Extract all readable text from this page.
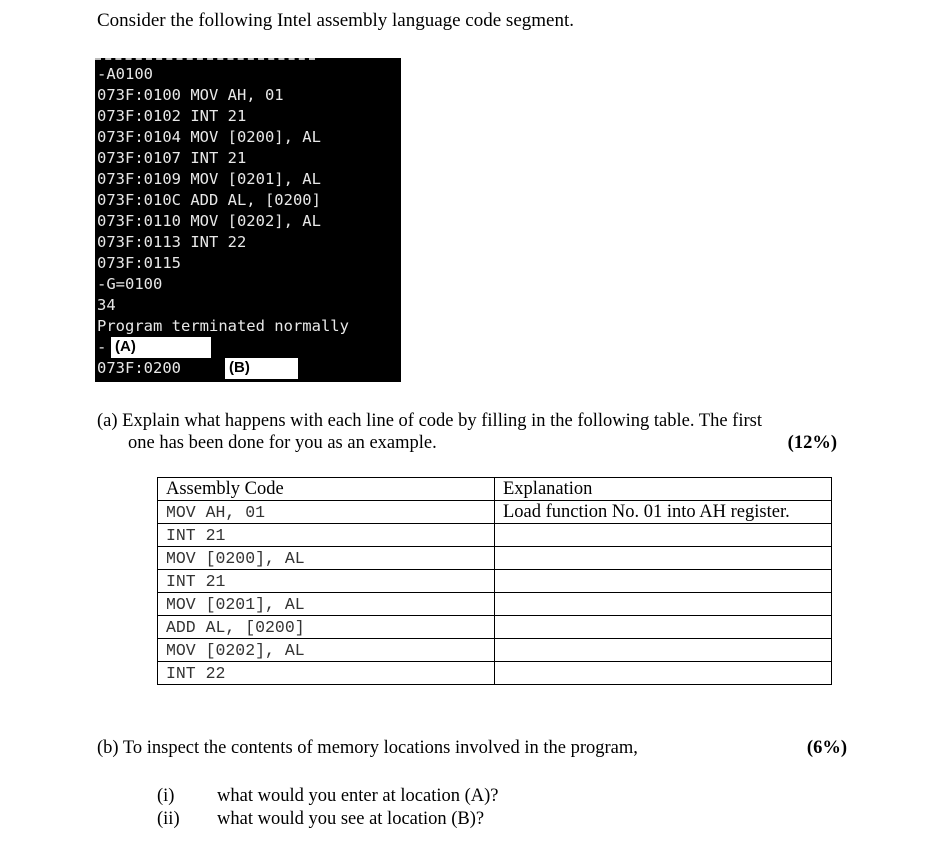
Consider the following Intel assembly language code segment.
-A0100
073F:0100 MOV AH, 01
073F:0102 INT 21
073F:0104 MOV [0200], AL
073F:0107 INT 21
073F:0109 MOV [0201], AL
073F:010C ADD AL, [0200]
073F:0110 MOV [0202], AL
073F:0113 INT 22
073F:0115
-G=0100
34
Program terminated normally
-
073F:0200
(A)
(B)
(a) Explain what happens with each line of code by filling in the following table. The first
one has been done for you as an example.	(12%)
Assembly Code	Explanation
MOV AH, 01	Load function No. 01 into AH register.
INT 21	
MOV [0200], AL	
INT 21	
MOV [0201], AL	
ADD AL, [0200]	
MOV [0202], AL	
INT 22	
(b) To inspect the contents of memory locations involved in the program,	(6%)
(i) what would you enter at location (A)?
(ii) what would you see at location (B)?
